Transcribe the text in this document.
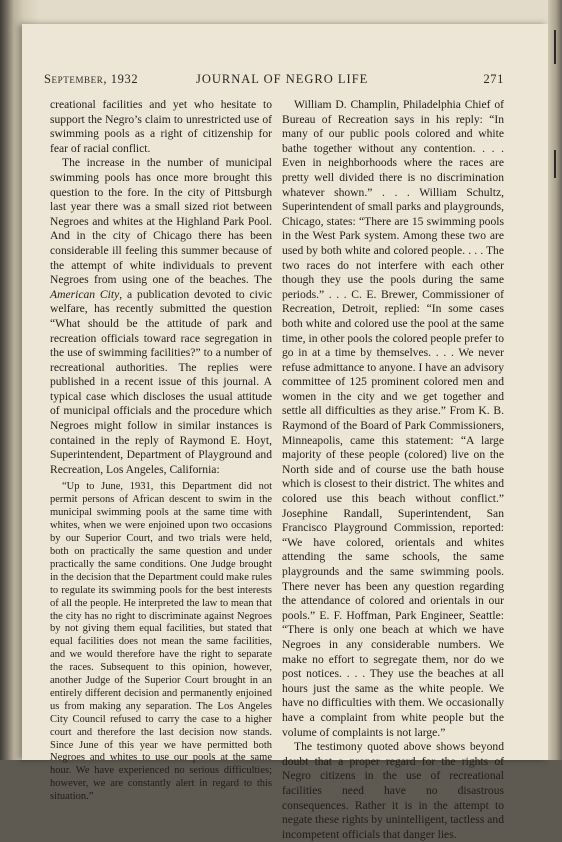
September, 1932	JOURNAL OF NEGRO LIFE	271

creational facilities and yet who hesitate to support the Negro’s claim to unrestricted use of swimming pools as a right of citizenship for fear of racial conflict.

The increase in the number of municipal swimming pools has once more brought this question to the fore. In the city of Pittsburgh last year there was a small sized riot between Negroes and whites at the Highland Park Pool. And in the city of Chicago there has been considerable ill feeling this summer because of the attempt of white individuals to prevent Negroes from using one of the beaches. The American City, a publication devoted to civic welfare, has recently submitted the question “What should be the attitude of park and recreation officials toward race segregation in the use of swimming facilities?” to a number of recreational authorities. The replies were published in a recent issue of this journal. A typical case which discloses the usual attitude of municipal officials and the procedure which Negroes might follow in similar instances is contained in the reply of Raymond E. Hoyt, Superintendent, Department of Playground and Recreation, Los Angeles, California:

“Up to June, 1931, this Department did not permit persons of African descent to swim in the municipal swimming pools at the same time with whites, when we were enjoined upon two occasions by our Superior Court, and two trials were held, both on practically the same question and under practically the same conditions. One Judge brought in the decision that the Department could make rules to regulate its swimming pools for the best interests of all the people. He interpreted the law to mean that the city has no right to discriminate against Negroes by not giving them equal facilities, but stated that equal facilities does not mean the same facilities, and we would therefore have the right to separate the races. Subsequent to this opinion, however, another Judge of the Superior Court brought in an entirely different decision and permanently enjoined us from making any separation. The Los Angeles City Council refused to carry the case to a higher court and therefore the last decision now stands. Since June of this year we have permitted both Negroes and whites to use our pools at the same hour. We have experienced no serious difficulties; however, we are constantly alert in regard to this situation.”

William D. Champlin, Philadelphia Chief of Bureau of Recreation says in his reply: “In many of our public pools colored and white bathe together without any contention. . . . Even in neighborhoods where the races are pretty well divided there is no discrimination whatever shown.” . . . William Schultz, Superintendent of small parks and playgrounds, Chicago, states: “There are 15 swimming pools in the West Park system. Among these two are used by both white and colored people. . . . The two races do not interfere with each other though they use the pools during the same periods.” . . . C. E. Brewer, Commissioner of Recreation, Detroit, replied: “In some cases both white and colored use the pool at the same time, in other pools the colored people prefer to go in at a time by themselves. . . . We never refuse admittance to anyone. I have an advisory committee of 125 prominent colored men and women in the city and we get together and settle all difficulties as they arise.” From K. B. Raymond of the Board of Park Commissioners, Minneapolis, came this statement: “A large majority of these people (colored) live on the North side and of course use the bath house which is closest to their district. The whites and colored use this beach without conflict.” Josephine Randall, Superintendent, San Francisco Playground Commission, reported: “We have colored, orientals and whites attending the same schools, the same playgrounds and the same swimming pools. There never has been any question regarding the attendance of colored and orientals in our pools.” E. F. Hoffman, Park Engineer, Seattle: “There is only one beach at which we have Negroes in any considerable numbers. We make no effort to segregate them, nor do we post notices. . . . They use the beaches at all hours just the same as the white people. We have no difficulties with them. We occasionally have a complaint from white people but the volume of complaints is not large.”

The testimony quoted above shows beyond doubt that a proper regard for the rights of Negro citizens in the use of recreational facilities need have no disastrous consequences. Rather it is in the attempt to negate these rights by unintelligent, tactless and incompetent officials that danger lies.
